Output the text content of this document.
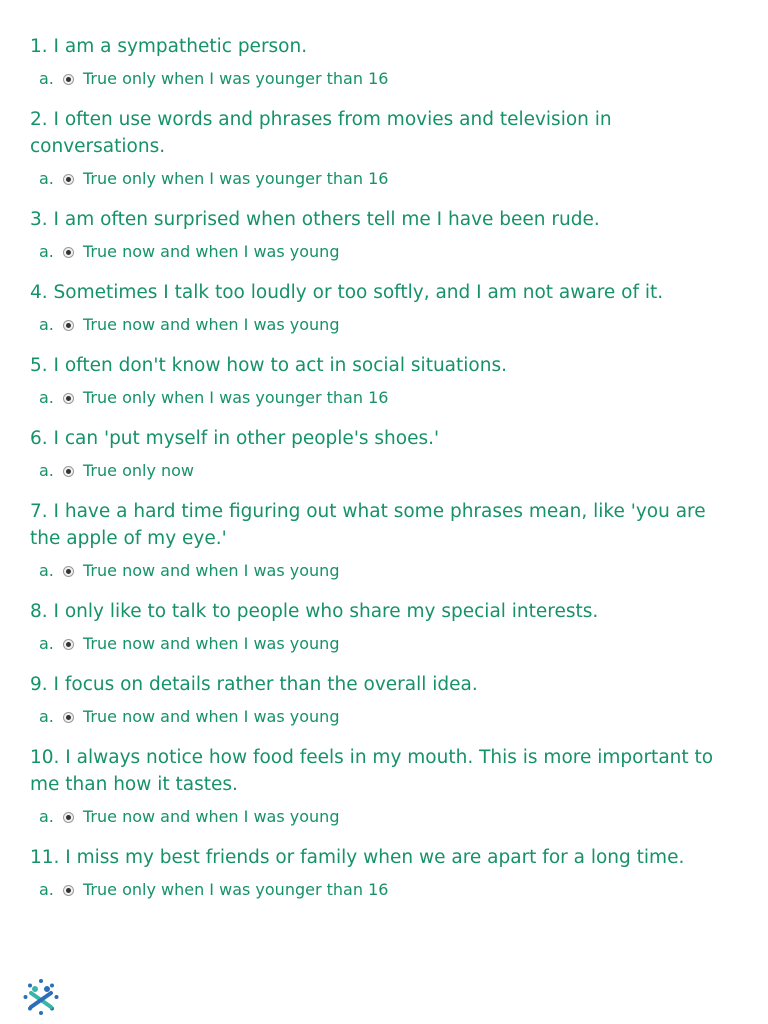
1. I am a sympathetic person.

a.	True only when I was younger than 16

2. I often use words and phrases from movies and television in conversations.

a.	True only when I was younger than 16

3. I am often surprised when others tell me I have been rude.

a.	True now and when I was young

4. Sometimes I talk too loudly or too softly, and I am not aware of it.

a.	True now and when I was young

5. I often don't know how to act in social situations.

a.	True only when I was younger than 16

6. I can 'put myself in other people's shoes.'

a.	True only now

7. I have a hard time figuring out what some phrases mean, like 'you are the apple of my eye.'

a.	True now and when I was young

8. I only like to talk to people who share my special interests.

a.	True now and when I was young

9. I focus on details rather than the overall idea.

a.	True now and when I was young

10. I always notice how food feels in my mouth. This is more important to me than how it tastes.

a.	True now and when I was young

11. I miss my best friends or family when we are apart for a long time.

a.	True only when I was younger than 16
